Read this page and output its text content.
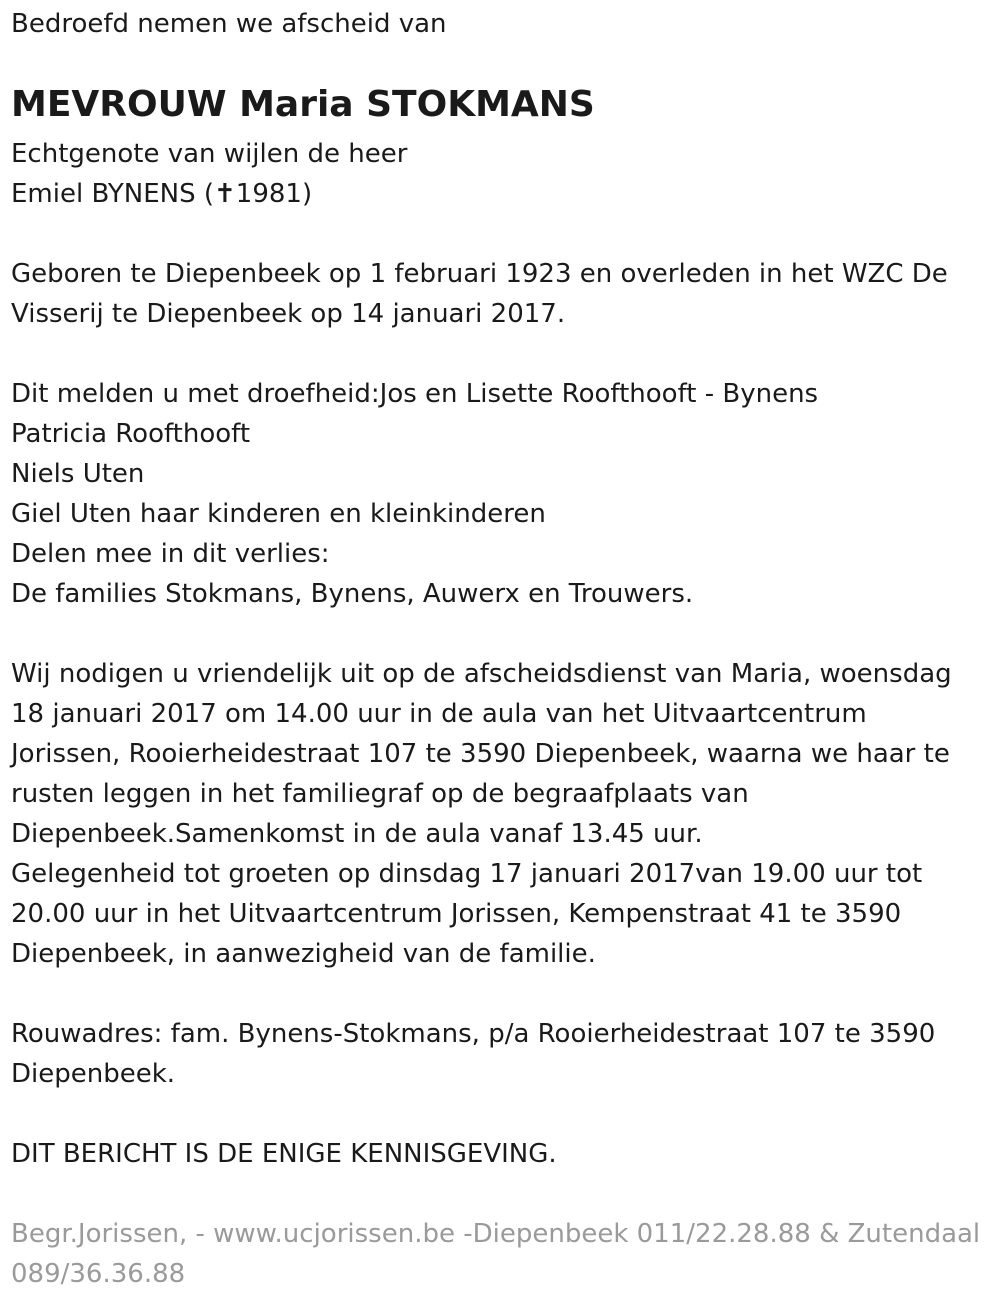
Bedroefd nemen we afscheid van
MEVROUW Maria STOKMANS
Echtgenote van wijlen de heer
Emiel BYNENS (✝1981)
Geboren te Diepenbeek op 1 februari 1923 en overleden in het WZC De
Visserij te Diepenbeek op 14 januari 2017.
Dit melden u met droefheid:Jos en Lisette Roofthooft - Bynens
Patricia Roofthooft
Niels Uten
Giel Uten haar kinderen en kleinkinderen
Delen mee in dit verlies:
De families Stokmans, Bynens, Auwerx en Trouwers.
Wij nodigen u vriendelijk uit op de afscheidsdienst van Maria, woensdag
18 januari 2017 om 14.00 uur in de aula van het Uitvaartcentrum
Jorissen, Rooierheidestraat 107 te 3590 Diepenbeek, waarna we haar te
rusten leggen in het familiegraf op de begraafplaats van
Diepenbeek.Samenkomst in de aula vanaf 13.45 uur.
Gelegenheid tot groeten op dinsdag 17 januari 2017van 19.00 uur tot
20.00 uur in het Uitvaartcentrum Jorissen, Kempenstraat 41 te 3590
Diepenbeek, in aanwezigheid van de familie.
Rouwadres: fam. Bynens-Stokmans, p/a Rooierheidestraat 107 te 3590
Diepenbeek.
DIT BERICHT IS DE ENIGE KENNISGEVING.
Begr.Jorissen, - www.ucjorissen.be -Diepenbeek 011/22.28.88 & Zutendaal
089/36.36.88
